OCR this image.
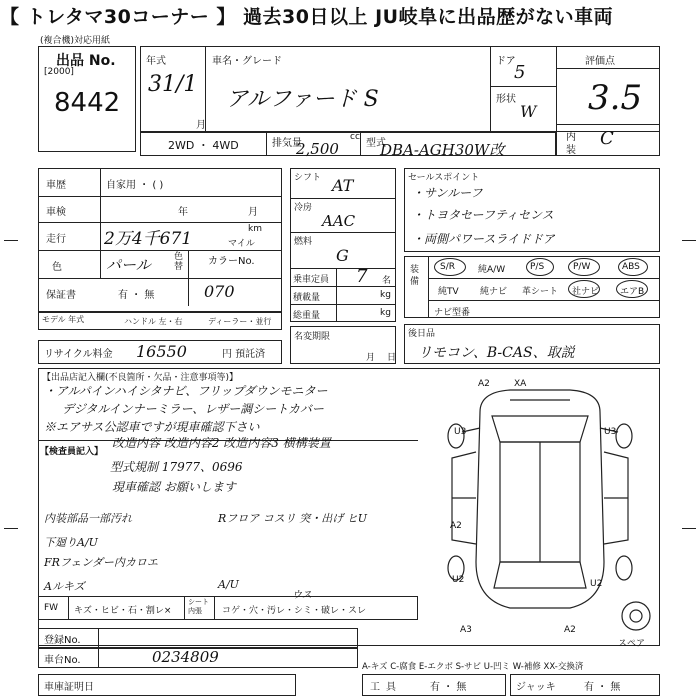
【 トレタマ30コーナー 】 過去30日以上 JU岐阜に出品歴がない車両
(複合機)対応用紙
出品 No.
[2000]
8442
年式
31/1
月
車名・グレード
アルファード S
ドア
5
形状
W
評価点
3.5
内
装
C
2WD ・ 4WD	排気量
cc
2,500	型式
DBA-AGH30W改
車歴	自家用 ・ ( )
車検	年	月
走行 2万4千671	km
マイル
色	パール	色替 カラーNo.
保証書	有 ・ 無	070
モデル 年式	ハンドル 左・右	ディーラー・並行
リサイクル料金 16550	円 預託済
シフト AT
冷房
AAC
燃料
G
乗車定員 7 名
積載量	kg
総重量	kg
名変期限
月日
セールスポイント
・サンルーフ
・トヨタセーフティセンス
・両側パワースライドドア
装備
S/R	純A/W	P/S	P/W	ABS
純TV 純ナビ 革シート 社ナビ エアB
ナビ型番
後日品
リモコン、B-CAS、取説
【出品店記入欄(不良箇所・欠品・注意事項等)】
・アルパインハイシタナビ、フリップダウンモニター
デジタルインナーミラー、レザー調シートカバー
※エアサス公認車ですが現車確認下さい
【検査員記入】
改造内容 改造内容2 改造内容3 横構装置
型式規制 17977、0696
現車確認 お願いします
内装部品一部汚れ	Rフロア コスリ 突・出げ ヒU
下廻りA/U
FRフェンダー内カロエ
Aルキズ	A/U
FW キズ・ヒビ・石・割レ×
シート 内張	コゲ・穴・汚レ・シミ・破レ・スレ
ウス
A2	XA
U3	U3
A2
U2	U2
A3	A2
スペア
登録No.
車台No.	0234809
A-キズ C-腐食 E-エクボ S-サビ U-凹ミ W-補修 XX-交換済
車庫証明日	工具	有 ・ 無	ジャッキ	有 ・ 無
